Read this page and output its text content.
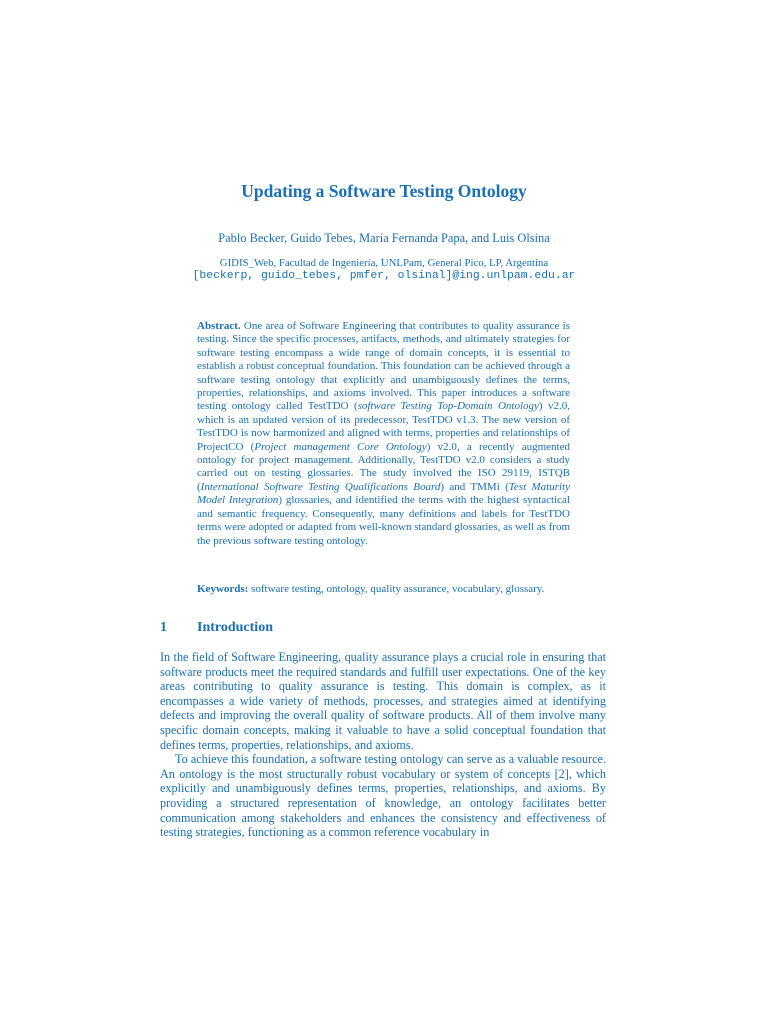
Updating a Software Testing Ontology
Pablo Becker, Guido Tebes, María Fernanda Papa, and Luis Olsina
GIDIS_Web, Facultad de Ingeniería, UNLPam, General Pico, LP, Argentina
[beckerp, guido_tebes, pmfer, olsinal]@ing.unlpam.edu.ar

Abstract. One area of Software Engineering that contributes to quality assurance is testing. Since the specific processes, artifacts, methods, and ultimately strategies for software testing encompass a wide range of domain concepts, it is essential to establish a robust conceptual foundation. This foundation can be achieved through a software testing ontology that explicitly and unambiguously defines the terms, properties, relationships, and axioms involved. This paper introduces a software testing ontology called TestTDO (software Testing Top-Domain Ontology) v2.0, which is an updated version of its predecessor, TestTDO v1.3. The new version of TestTDO is now harmonized and aligned with terms, properties and relationships of ProjectCO (Project management Core Ontology) v2.0, a recently augmented ontology for project management. Additionally, TestTDO v2.0 considers a study carried out on testing glossaries. The study involved the ISO 29119, ISTQB (International Software Testing Qualifications Board) and TMMi (Test Maturity Model Integration) glossaries, and identified the terms with the highest syntactical and semantic frequency. Consequently, many definitions and labels for TestTDO terms were adopted or adapted from well-known standard glossaries, as well as from the previous software testing ontology.

Keywords: software testing, ontology, quality assurance, vocabulary, glossary.

1 Introduction

In the field of Software Engineering, quality assurance plays a crucial role in ensuring that software products meet the required standards and fulfill user expectations. One of the key areas contributing to quality assurance is testing. This domain is complex, as it encompasses a wide variety of methods, processes, and strategies aimed at identifying defects and improving the overall quality of software products. All of them involve many specific domain concepts, making it valuable to have a solid conceptual foundation that defines terms, properties, relationships, and axioms.

To achieve this foundation, a software testing ontology can serve as a valuable resource. An ontology is the most structurally robust vocabulary or system of concepts [2], which explicitly and unambiguously defines terms, properties, relationships, and axioms. By providing a structured representation of knowledge, an ontology facilitates better communication among stakeholders and enhances the consistency and effectiveness of testing strategies, functioning as a common reference vocabulary in
